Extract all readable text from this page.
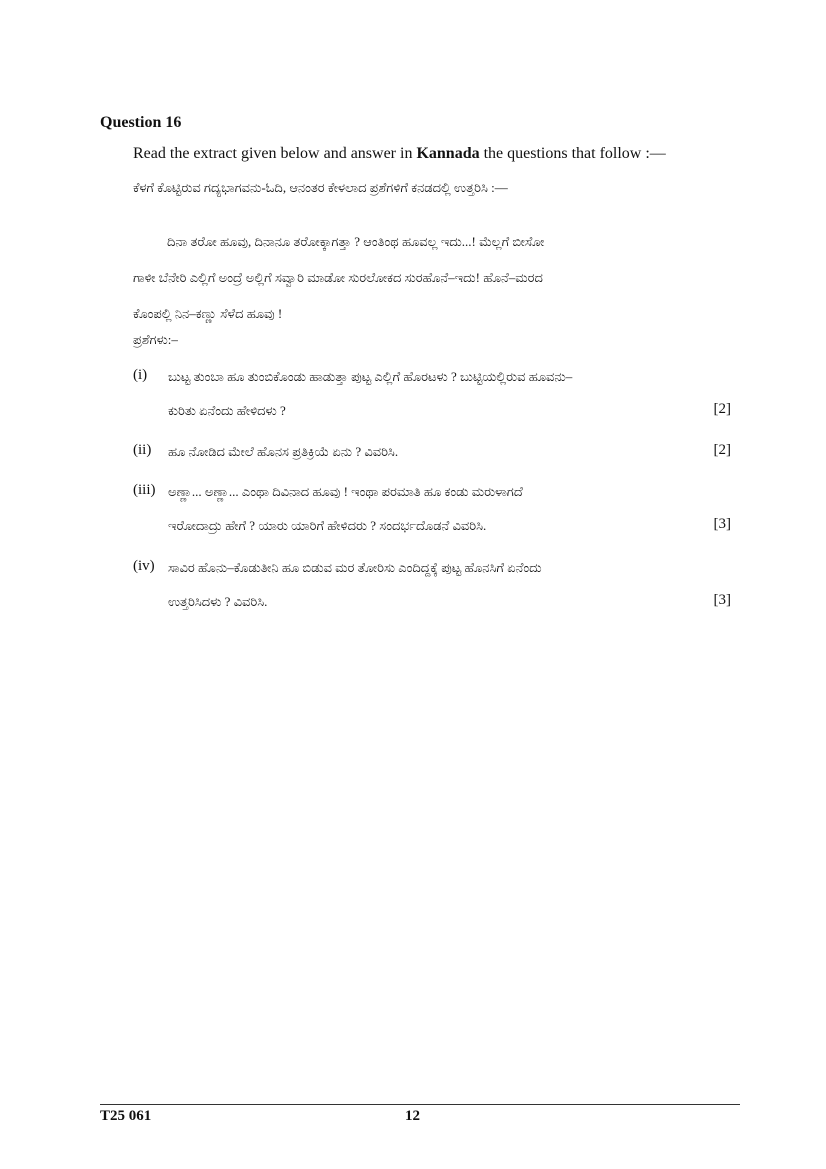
Question 16
Read the extract given below and answer in Kannada the questions that follow :—
ಕೆಳಗೆ ಕೊಟ್ಟಿರುವ ಗದ್ಯಭಾಗವನು-ಓದಿ, ಆನಂತರ ಕೇಳಲಾದ ಪ್ರಶೆಗಳಿಗೆ ಕನಡದಲ್ಲಿ ಉತ್ತರಿಸಿ :—
ದಿನಾ ತರೋ ಹೂವು, ದಿನಾನೂ ತರೋಕ್ಕಾಗತ್ತಾ ? ಆಂತಿಂಥ ಹೂವಲ್ಲ ಇದು...! ಮೆಲ್ಲಗೆ ಬೀಸೋ
ಗಾಳೀ ಬೆನೇರಿ ಎಲ್ಲಿಗೆ ಅಂದ್ರೆ ಅಲ್ಲಿಗೆ ಸವ್ವಾರಿ ಮಾಡೋ ಸುರಲೋಕದ ಸುರಹೊನೆ–ಇದು! ಹೊನೆ–ಮರದ
ಕೊಂಪಲ್ಲಿ ನಿನ–ಕಣ್ಣು ಸೆಳೆದ ಹೂವು !
ಪ್ರಶೆಗಳು:–
(i) ಬುಟ್ಟ ತುಂಬಾ ಹೂ ತುಂಬಿಕೊಂಡು ಹಾಡುತ್ತಾ ಪುಟ್ಟ ಎಲ್ಲಿಗೆ ಹೊರಟಳು ? ಬುಟ್ಟಿಯಲ್ಲಿರುವ ಹೂವನು–
ಕುರಿತು ಏನೆಂದು ಹೇಳಿದಳು ?	[2]
(ii) ಹೂ ನೋಡಿದ ಮೇಲೆ ಹೊನಸ ಪ್ರತಿಕ್ರಿಯೆ ಏನು ? ವಿವರಿಸಿ.	[2]
(iii) ಅಣ್ಣಾ... ಅಣ್ಣಾ... ಎಂಥಾ ದಿವಿನಾದ ಹೂವು ! ಇಂಥಾ ಪರಮಾತಿ ಹೂ ಕಂಡು ಮರುಳಾಗದೆ
ಇರೋದಾದ್ರು ಹೇಗೆ ? ಯಾರು ಯಾರಿಗೆ ಹೇಳಿದರು ? ಸಂದರ್ಭದೊಡನೆ ವಿವರಿಸಿ.	[3]
(iv) ಸಾವಿರ ಹೊನು–ಕೊಡುತೀನಿ ಹೂ ಬಿಡುವ ಮರ ತೋರಿಸು ಎಂದಿದ್ದಕ್ಕೆ ಪುಟ್ಟ ಹೊನಸಿಗೆ ಏನೆಂದು
ಉತ್ತರಿಸಿದಳು ? ವಿವರಿಸಿ.	[3]
T25 061	12
